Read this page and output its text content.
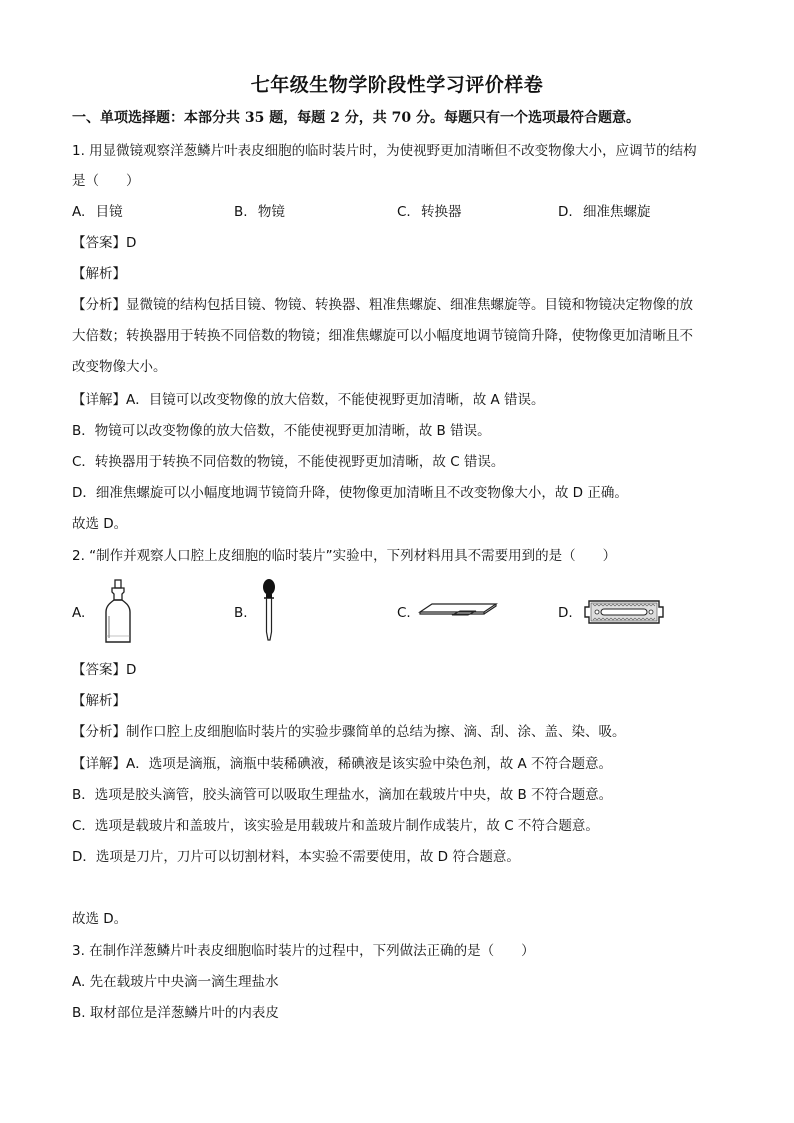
七年级生物学阶段性学习评价样卷
一、单项选择题：本部分共 35 题，每题 2 分，共 70 分。每题只有一个选项最符合题意。
1. 用显微镜观察洋葱鳞片叶表皮细胞的临时装片时，为使视野更加清晰但不改变物像大小，应调节的结构
是（　　）
A. 目镜	B. 物镜	C. 转换器	D. 细准焦螺旋
【答案】D
【解析】
【分析】显微镜的结构包括目镜、物镜、转换器、粗准焦螺旋、细准焦螺旋等。目镜和物镜决定物像的放
大倍数；转换器用于转换不同倍数的物镜；细准焦螺旋可以小幅度地调节镜筒升降，使物像更加清晰且不
改变物像大小。
【详解】A．目镜可以改变物像的放大倍数，不能使视野更加清晰，故 A 错误。
B．物镜可以改变物像的放大倍数，不能使视野更加清晰，故 B 错误。
C．转换器用于转换不同倍数的物镜，不能使视野更加清晰，故 C 错误。
D．细准焦螺旋可以小幅度地调节镜筒升降，使物像更加清晰且不改变物像大小，故 D 正确。
故选 D。
2. “制作并观察人口腔上皮细胞的临时装片”实验中，下列材料用具不需要用到的是（　　）
A.	B.	C.	D.
【答案】D
【解析】
【分析】制作口腔上皮细胞临时装片的实验步骤简单的总结为擦、滴、刮、涂、盖、染、吸。
【详解】A．选项是滴瓶，滴瓶中装稀碘液，稀碘液是该实验中染色剂，故 A 不符合题意。
B．选项是胶头滴管，胶头滴管可以吸取生理盐水，滴加在载玻片中央，故 B 不符合题意。
C．选项是载玻片和盖玻片，该实验是用载玻片和盖玻片制作成装片，故 C 不符合题意。
D．选项是刀片，刀片可以切割材料，本实验不需要使用，故 D 符合题意。
故选 D。
3. 在制作洋葱鳞片叶表皮细胞临时装片的过程中，下列做法正确的是（　　）
A. 先在载玻片中央滴一滴生理盐水
B. 取材部位是洋葱鳞片叶的内表皮
